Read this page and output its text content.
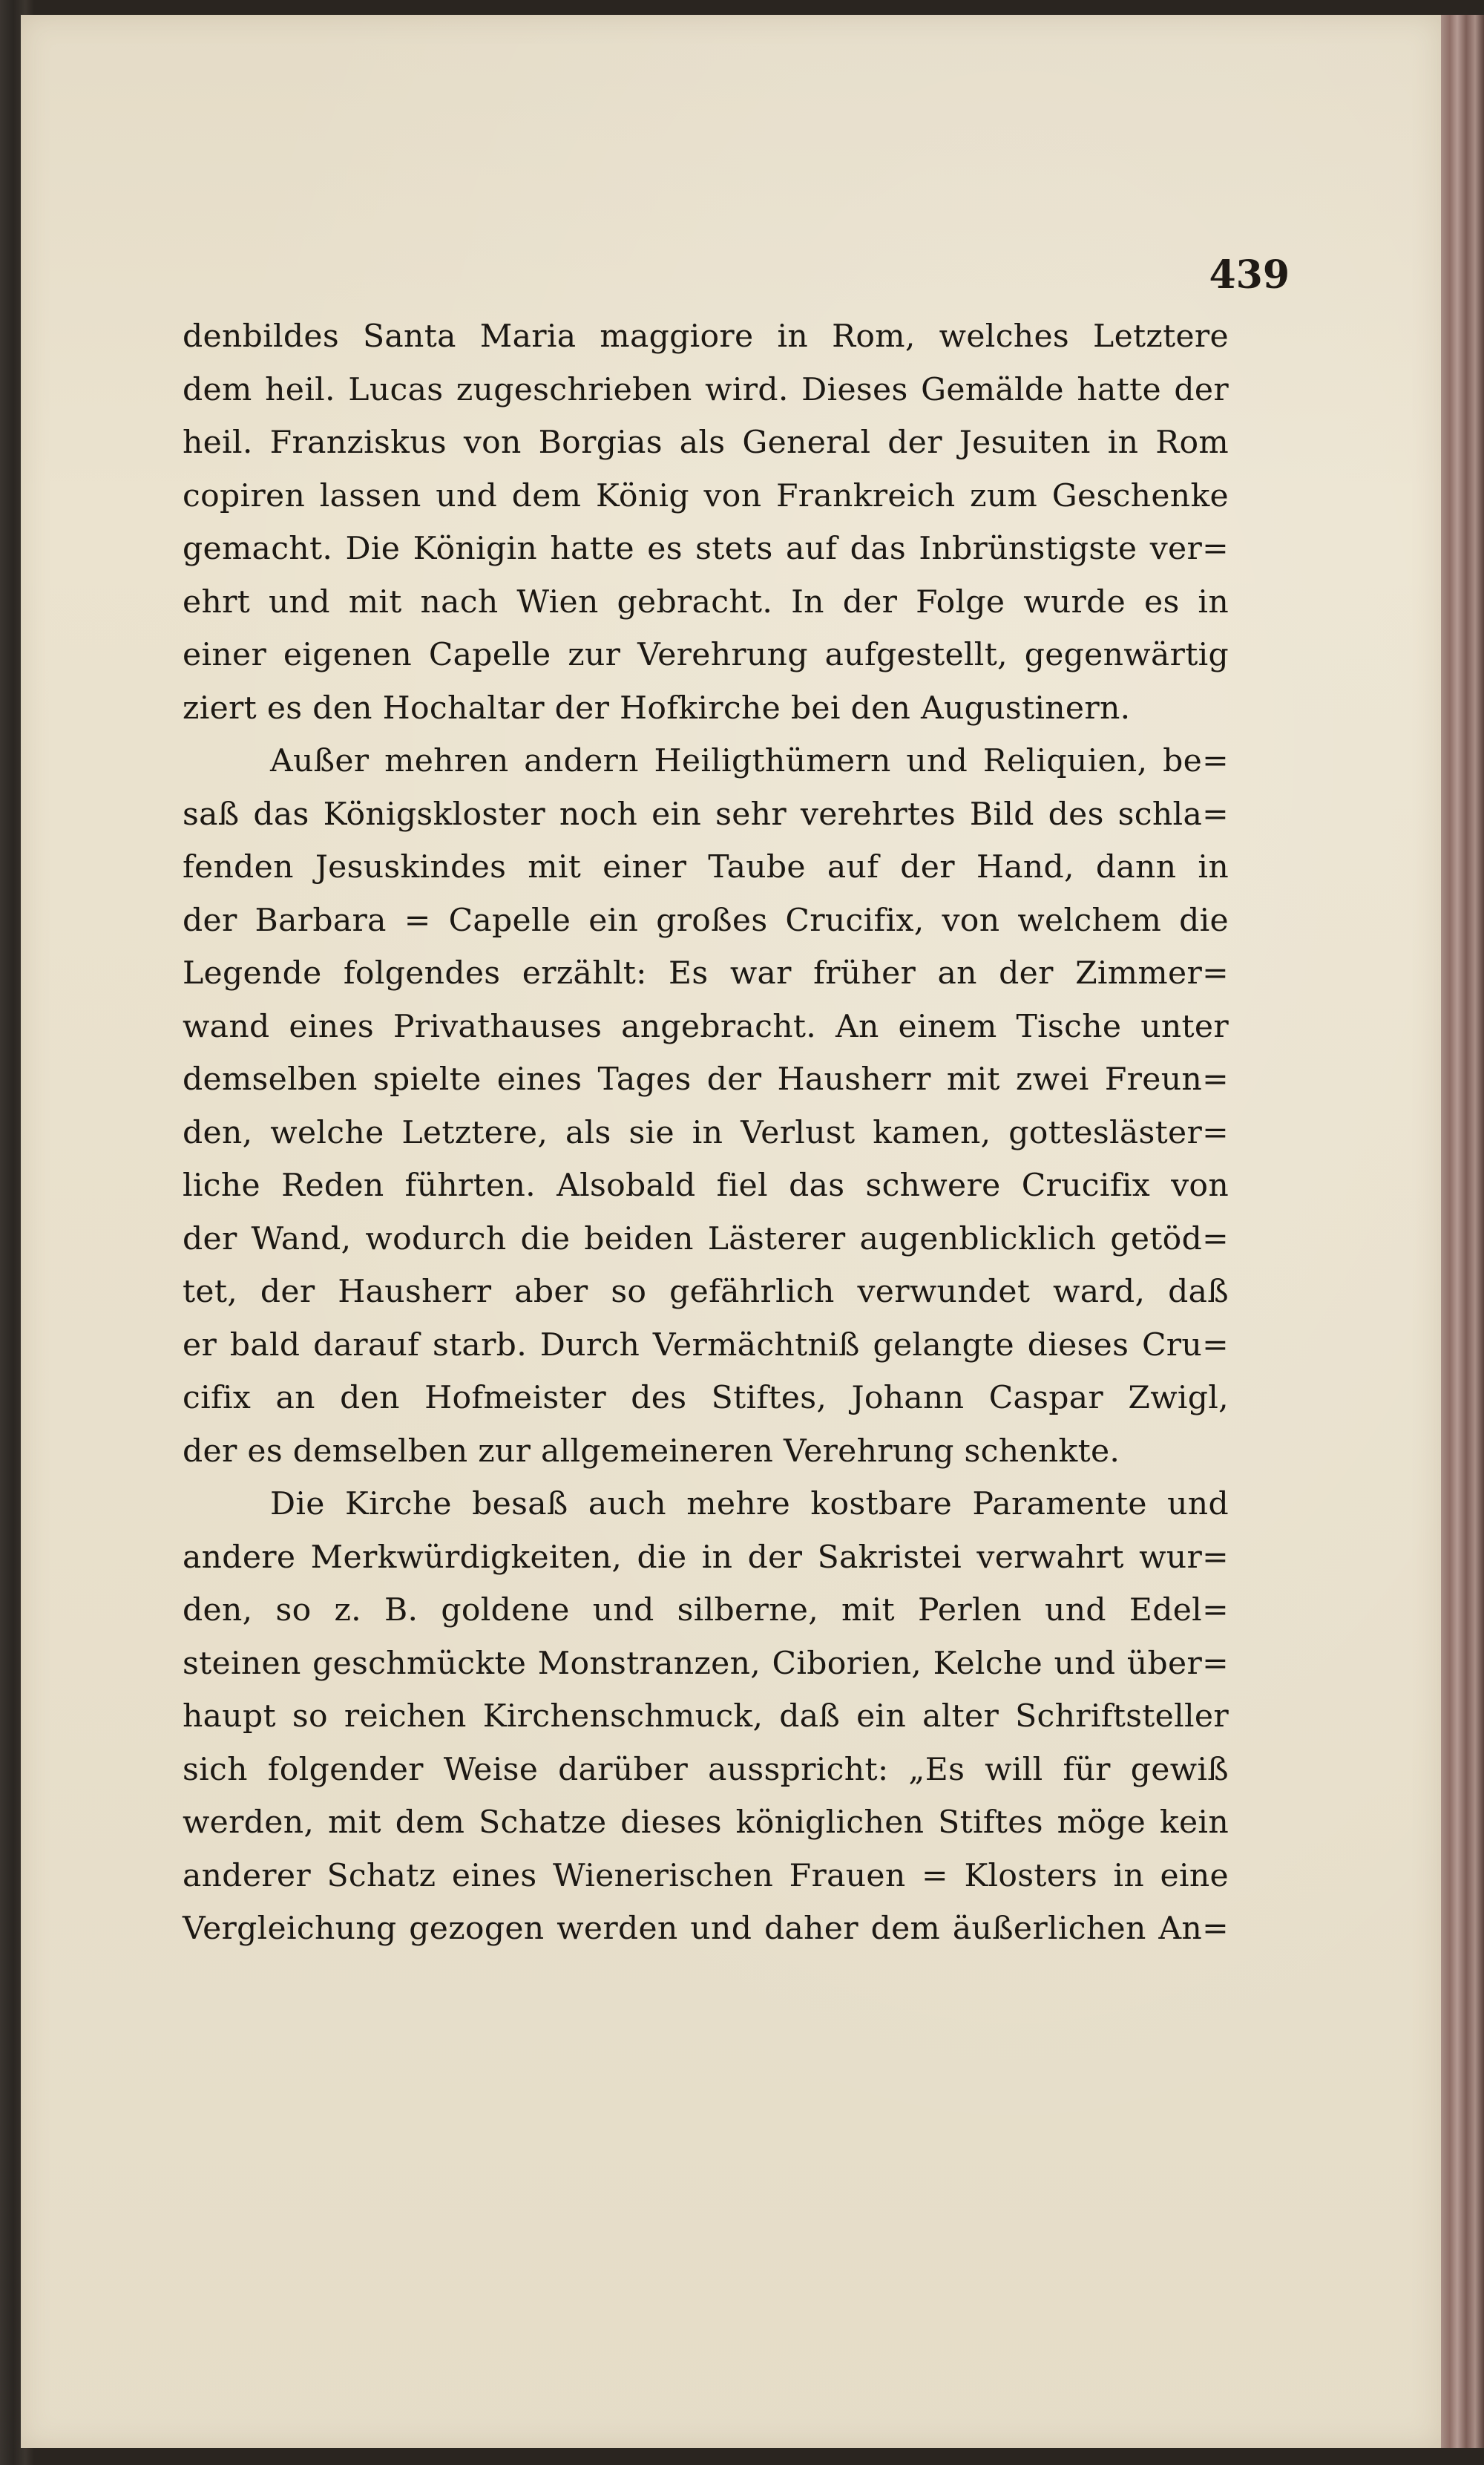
439
denbildes Santa Maria maggiore in Rom, welches Letztere
dem heil. Lucas zugeschrieben wird. Dieses Gemälde hatte der
heil. Franziskus von Borgias als General der Jesuiten in Rom
copiren lassen und dem König von Frankreich zum Geschenke
gemacht. Die Königin hatte es stets auf das Inbrünstigste ver=
ehrt und mit nach Wien gebracht. In der Folge wurde es in
einer eigenen Capelle zur Verehrung aufgestellt, gegenwärtig
ziert es den Hochaltar der Hofkirche bei den Augustinern.
Außer mehren andern Heiligthümern und Reliquien, be=
saß das Königskloster noch ein sehr verehrtes Bild des schla=
fenden Jesuskindes mit einer Taube auf der Hand, dann in
der Barbara = Capelle ein großes Crucifix, von welchem die
Legende folgendes erzählt: Es war früher an der Zimmer=
wand eines Privathauses angebracht. An einem Tische unter
demselben spielte eines Tages der Hausherr mit zwei Freun=
den, welche Letztere, als sie in Verlust kamen, gottesläster=
liche Reden führten. Alsobald fiel das schwere Crucifix von
der Wand, wodurch die beiden Lästerer augenblicklich getöd=
tet, der Hausherr aber so gefährlich verwundet ward, daß
er bald darauf starb. Durch Vermächtniß gelangte dieses Cru=
cifix an den Hofmeister des Stiftes, Johann Caspar Zwigl,
der es demselben zur allgemeineren Verehrung schenkte.
Die Kirche besaß auch mehre kostbare Paramente und
andere Merkwürdigkeiten, die in der Sakristei verwahrt wur=
den, so z. B. goldene und silberne, mit Perlen und Edel=
steinen geschmückte Monstranzen, Ciborien, Kelche und über=
haupt so reichen Kirchenschmuck, daß ein alter Schriftsteller
sich folgender Weise darüber ausspricht: „Es will für gewiß
werden, mit dem Schatze dieses königlichen Stiftes möge kein
anderer Schatz eines Wienerischen Frauen = Klosters in eine
Vergleichung gezogen werden und daher dem äußerlichen An=
